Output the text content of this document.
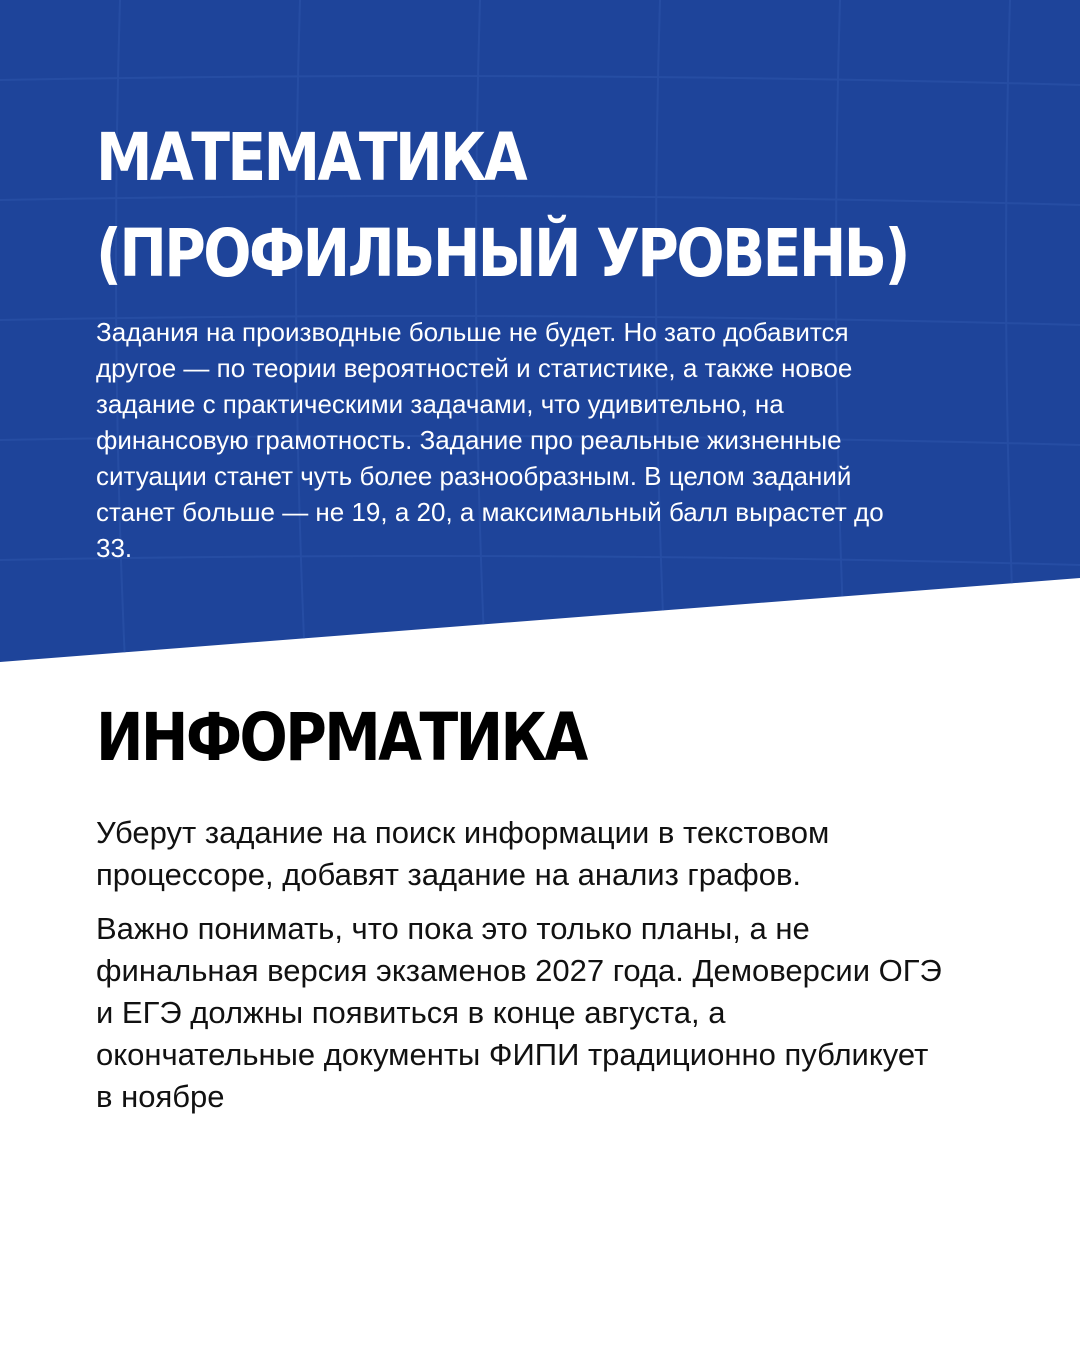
МАТЕМАТИКА
(ПРОФИЛЬНЫЙ УРОВЕНЬ)

Задания на производные больше не будет. Но зато добавится другое — по теории вероятностей и статистике, а также новое задание с практическими задачами, что удивительно, на финансовую грамотность. Задание про реальные жизненные ситуации станет чуть более разнообразным. В целом заданий станет больше — не 19, а 20, а максимальный балл вырастет до 33.

ИНФОРМАТИКА

Уберут задание на поиск информации в текстовом процессоре, добавят задание на анализ графов.

Важно понимать, что пока это только планы, а не финальная версия экзаменов 2027 года. Демоверсии ОГЭ и ЕГЭ должны появиться в конце августа, а окончательные документы ФИПИ традиционно публикует в ноябре
